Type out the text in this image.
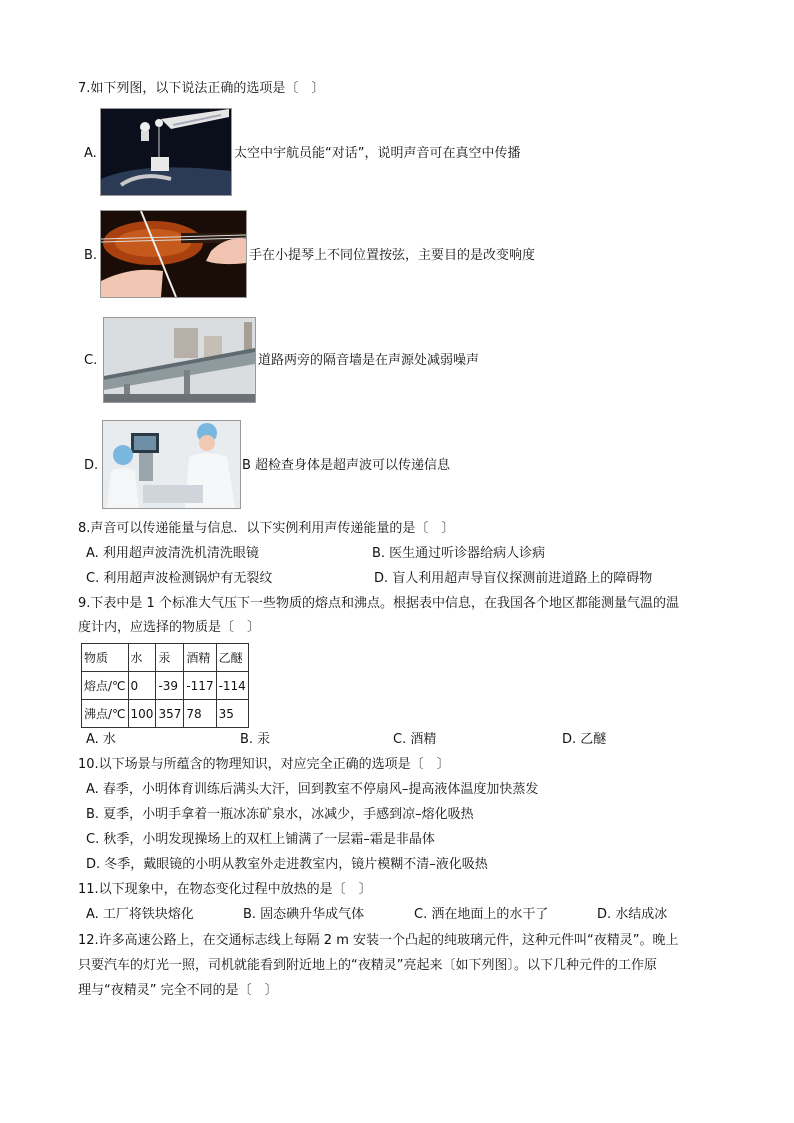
7.如下列图，以下说法正确的选项是〔　〕
A.	太空中宇航员能“对话”，说明声音可在真空中传播
B.	手在小提琴上不同位置按弦，主要目的是改变响度
C.	道路两旁的隔音墙是在声源处减弱噪声
D.	B 超检查身体是超声波可以传递信息
8.声音可以传递能量与信息．以下实例利用声传递能量的是〔　〕
A. 利用超声波清洗机清洗眼镜	B. 医生通过听诊器给病人诊病
C. 利用超声波检测锅炉有无裂纹	D. 盲人利用超声导盲仪探测前进道路上的障碍物
9.下表中是 1 个标准大气压下一些物质的熔点和沸点。根据表中信息，在我国各个地区都能测量气温的温
度计内，应选择的物质是〔　〕
物质	水	汞	酒精	乙醚
熔点/℃	0	-39	-117	-114
沸点/℃	100	357	78	35
A. 水	B. 汞	C. 酒精	D. 乙醚
10.以下场景与所蕴含的物理知识，对应完全正确的选项是〔　〕
A. 春季，小明体育训练后满头大汗，回到教室不停扇风–提高液体温度加快蒸发
B. 夏季，小明手拿着一瓶冰冻矿泉水，冰减少，手感到凉–熔化吸热
C. 秋季，小明发现操场上的双杠上铺满了一层霜–霜是非晶体
D. 冬季，戴眼镜的小明从教室外走进教室内，镜片模糊不清–液化吸热
11.以下现象中，在物态变化过程中放热的是〔　〕
A. 工厂将铁块熔化	B. 固态碘升华成气体	C. 洒在地面上的水干了	D. 水结成冰
12.许多高速公路上，在交通标志线上每隔 2 m 安装一个凸起的纯玻璃元件，这种元件叫“夜精灵”。晚上
只要汽车的灯光一照，司机就能看到附近地上的“夜精灵”亮起来〔如下列图〕。以下几种元件的工作原
理与“夜精灵” 完全不同的是〔　〕
